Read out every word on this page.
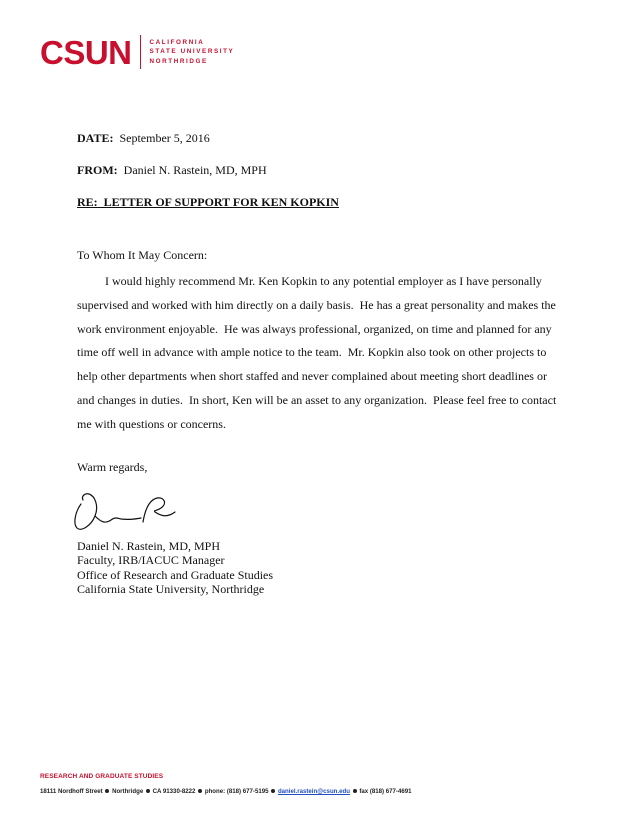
CSUN	CALIFORNIA
STATE UNIVERSITY
NORTHRIDGE
DATE: September 5, 2016
FROM: Daniel N. Rastein, MD, MPH
RE:  LETTER OF SUPPORT FOR KEN KOPKIN
To Whom It May Concern:

I would highly recommend Mr. Ken Kopkin to any potential employer as I have personally supervised and worked with him directly on a daily basis.  He has a great personality and makes the work environment enjoyable.  He was always professional, organized, on time and planned for any time off well in advance with ample notice to the team.  Mr. Kopkin also took on other projects to help other departments when short staffed and never complained about meeting short deadlines or and changes in duties.  In short, Ken will be an asset to any organization.  Please feel free to contact me with questions or concerns.

Warm regards,
Daniel N. Rastein, MD, MPH
Faculty, IRB/IACUC Manager
Office of Research and Graduate Studies
California State University, Northridge
RESEARCH AND GRADUATE STUDIES
18111 Nordhoff Street Northridge CA 91330-8222 phone: (818) 677-5195 daniel.rastein@csun.edu fax (818) 677-4691
